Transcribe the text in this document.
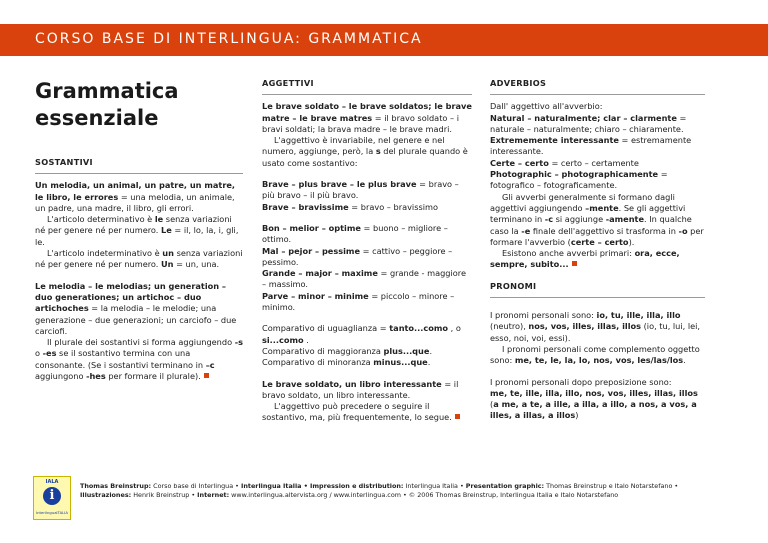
CORSO BASE DI INTERLINGUA: GRAMMATICA
Grammatica
essenziale
SOSTANTIVI

Un melodia, un animal, un patre, un matre, le libro, le errores = una melodia, un animale, un padre, una madre, il libro, gli errori.

L'articolo determinativo è le senza variazioni né per genere né per numero. Le = il, lo, la, i, gli, le.

L'articolo indeterminativo è un senza variazioni né per genere né per numero. Un = un, una.

Le melodia – le melodias; un generation – duo generationes; un artichoc – duo artichoches = la melodia – le melodie; una generazione – due generazioni; un carciofo – due carciofi.

Il plurale dei sostantivi si forma aggiungendo -s o -es se il sostantivo termina con una consonante. (Se i sostantivi terminano in –c aggiungono -hes per formare il plurale).

AGGETTIVI

Le brave soldato – le brave soldatos; le brave matre – le brave matres = il bravo soldato – i bravi soldati; la brava madre – le brave madri.

L'aggettivo è invariabile, nel genere e nel numero, aggiunge, però, la s del plurale quando è usato come sostantivo:

Brave – plus brave – le plus brave = bravo – più bravo – il più bravo.

Brave – bravissime = bravo – bravissimo

Bon – melior – optime = buono – migliore – ottimo.

Mal – pejor – pessime = cattivo – peggiore – pessimo.

Grande – major – maxime = grande - maggiore – massimo.

Parve – minor – minime = piccolo – minore – minimo.

Comparativo di uguaglianza = tanto...como , o si...como .

Comparativo di maggioranza plus...que.

Comparativo di minoranza minus...que.

Le brave soldato, un libro interessante = il bravo soldato, un libro interessante.

L'aggettivo può precedere o seguire il sostantivo, ma, più frequentemente, lo segue.

ADVERBIOS

Dall' aggettivo all'avverbio:

Natural – naturalmente; clar – clarmente = naturale – naturalmente; chiaro – chiaramente.

Extrememente interessante = estremamente interessante.

Certe – certo = certo – certamente

Photographic – photographicamente = fotografico – fotograficamente.

Gli avverbi generalmente si formano dagli aggettivi aggiungendo –mente. Se gli aggettivi terminano in -c si aggiunge -amente. In qualche caso la -e finale dell'aggettivo si trasforma in -o per formare l'avverbio (certe – certo).

Esistono anche avverbi primari: ora, ecce, sempre, subito...

PRONOMI

I pronomi personali sono: io, tu, ille, illa, illo (neutro), nos, vos, illes, illas, illos (io, tu, lui, lei, esso, noi, voi, essi).

I pronomi personali come complemento oggetto sono: me, te, le, la, lo, nos, vos, les/las/los.

I pronomi personali dopo preposizione sono:

me, te, ille, illa, illo, nos, vos, illes, illas, illos (a me, a te, a ille, a illa, a illo, a nos, a vos, a illes, a illas, a illos)

IALA
i
Interlingua ITALIA
Thomas Breinstrup: Corso base di Interlingua • Interlingua Italia • Impression e distribution: Interlingua Italia • Presentation graphic: Thomas Breinstrup e Italo Notarstefano •
Illustraziones: Henrik Breinstrup • Internet: www.interlingua.altervista.org / www.interlingua.com • © 2006 Thomas Breinstrup, Interlingua Italia e Italo Notarstefano
